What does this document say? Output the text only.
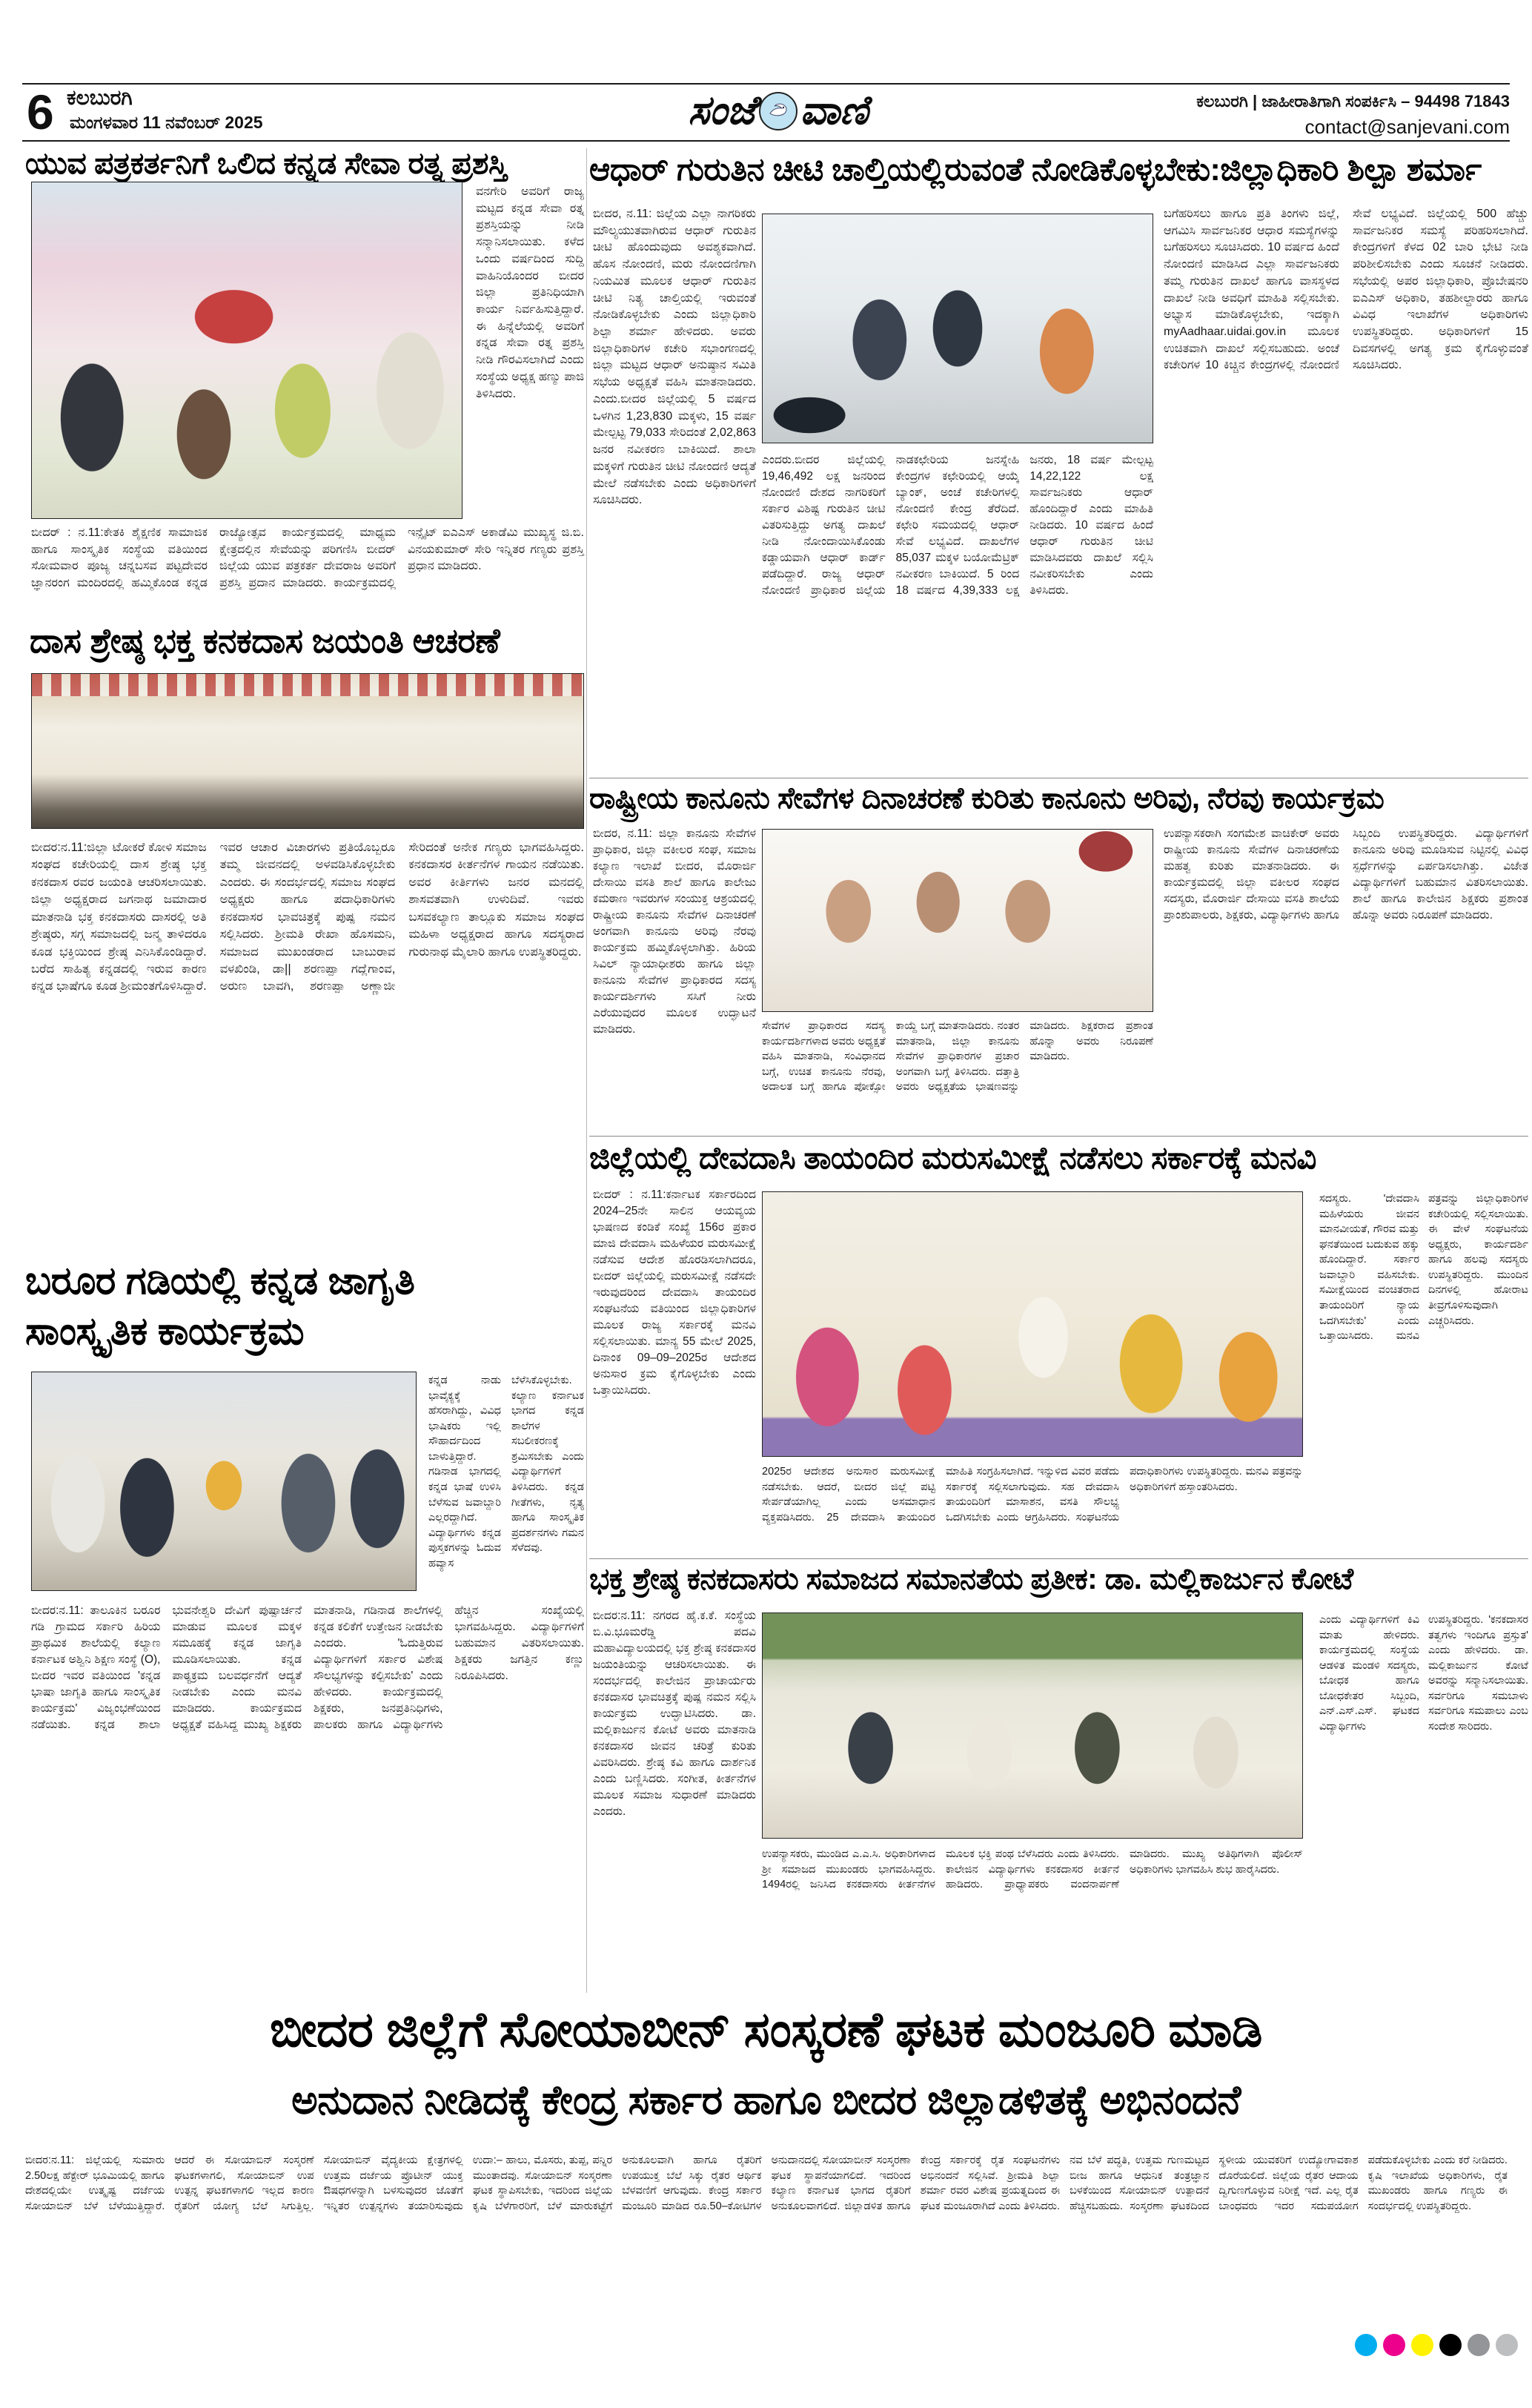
6 ಕಲಬುರಗಿ
ಮಂಗಳವಾರ 11 ನವೆಂಬರ್ 2025	ಸಂಜೆ ವಾಣಿ	ಕಲಬುರಗಿ | ಜಾಹೀರಾತಿಗಾಗಿ ಸಂಪರ್ಕಿಸಿ – 94498 71843
contact@sanjevani.com
ಯುವ ಪತ್ರಕರ್ತನಿಗೆ ಒಲಿದ ಕನ್ನಡ ಸೇವಾ ರತ್ನ ಪ್ರಶಸ್ತಿ
ವನಗೇರಿ ಅವರಿಗೆ ರಾಜ್ಯ ಮಟ್ಟದ ಕನ್ನಡ ಸೇವಾ ರತ್ನ ಪ್ರಶಸ್ತಿಯನ್ನು ನೀಡಿ ಸನ್ಮಾನಿಸಲಾಯಿತು. ಕಳೆದ ಒಂದು ವರ್ಷದಿಂದ ಸುದ್ದಿ ವಾಹಿನಿಯೊಂದರ ಬೀದರ ಜಿಲ್ಲಾ ಪ್ರತಿನಿಧಿಯಾಗಿ ಕಾರ್ಯ ನಿರ್ವಹಿಸುತ್ತಿದ್ದಾರೆ. ಈ ಹಿನ್ನೆಲೆಯಲ್ಲಿ ಅವರಿಗೆ ಕನ್ನಡ ಸೇವಾ ರತ್ನ ಪ್ರಶಸ್ತಿ ನೀಡಿ ಗೌರವಿಸಲಾಗಿದೆ ಎಂದು ಸಂಸ್ಥೆಯ ಅಧ್ಯಕ್ಷ ಹಣ್ಮು ಪಾಜಿ ತಿಳಿಸಿದರು.
ಬೀದರ್ : ನ.11:ಕೇತಕಿ ಶೈಕ್ಷಣಿಕ ಸಾಮಾಜಿಕ ಹಾಗೂ ಸಾಂಸ್ಕೃತಿಕ ಸಂಸ್ಥೆಯ ವತಿಯಿಂದ ಸೋಮವಾರ ಪೂಜ್ಯ ಚನ್ನಬಸವ ಪಟ್ಟದೇವರ ಜ್ಞಾನರಂಗ ಮಂದಿರದಲ್ಲಿ ಹಮ್ಮಿಕೊಂಡ ಕನ್ನಡ ರಾಜ್ಯೋತ್ಸವ ಕಾರ್ಯಕ್ರಮದಲ್ಲಿ ಮಾಧ್ಯಮ ಕ್ಷೇತ್ರದಲ್ಲಿನ ಸೇವೆಯನ್ನು ಪರಿಗಣಿಸಿ ಬೀದರ್ ಜಿಲ್ಲೆಯ ಯುವ ಪತ್ರಕರ್ತ ದೇವರಾಜ ಅವರಿಗೆ ಪ್ರಶಸ್ತಿ ಪ್ರದಾನ ಮಾಡಿದರು. ಕಾರ್ಯಕ್ರಮದಲ್ಲಿ ಇನ್ಸೈಟ್ ಐಎಎಸ್ ಅಕಾಡೆಮಿ ಮುಖ್ಯಸ್ಥ ಜಿ.ಬಿ. ವಿನಯಕುಮಾರ್ ಸೇರಿ ಇನ್ನಿತರ ಗಣ್ಯರು ಪ್ರಶಸ್ತಿ ಪ್ರಧಾನ ಮಾಡಿದರು.
ದಾಸ ಶ್ರೇಷ್ಠ ಭಕ್ತ ಕನಕದಾಸ ಜಯಂತಿ ಆಚರಣೆ
ಬೀದರ:ನ.11:ಜಿಲ್ಲಾ ಟೋಕರೆ ಕೋಳಿ ಸಮಾಜ ಸಂಘದ ಕಚೇರಿಯಲ್ಲಿ ದಾಸ ಶ್ರೇಷ್ಠ ಭಕ್ತ ಕನಕದಾಸ ರವರ ಜಯಂತಿ ಆಚರಿಸಲಾಯಿತು. ಜಿಲ್ಲಾ ಅಧ್ಯಕ್ಷರಾದ ಜಗನಾಥ ಜಮಾದಾರ ಮಾತನಾಡಿ ಭಕ್ತ ಕನಕದಾಸರು ದಾಸರಲ್ಲಿ ಅತಿ ಶ್ರೇಷ್ಠರು, ಸಗ್ಗ ಸಮಾಜದಲ್ಲಿ ಜನ್ಮ ತಾಳಿದರೂ ಕೂಡ ಭಕ್ತಿಯಿಂದ ಶ್ರೇಷ್ಠ ಎನಿಸಿಕೊಂಡಿದ್ದಾರೆ. ಬರೆದ ಸಾಹಿತ್ಯ ಕನ್ನಡದಲ್ಲಿ ಇರುವ ಕಾರಣ ಕನ್ನಡ ಭಾಷೆಗೂ ಕೂಡ ಶ್ರೀಮಂತಗೊಳಿಸಿದ್ದಾರೆ. ಇವರ ಆಚಾರ ವಿಚಾರಗಳು ಪ್ರತಿಯೊಬ್ಬರೂ ತಮ್ಮ ಜೀವನದಲ್ಲಿ ಅಳವಡಿಸಿಕೊಳ್ಳಬೇಕು ಎಂದರು. ಈ ಸಂದರ್ಭದಲ್ಲಿ ಸಮಾಜ ಸಂಘದ ಅಧ್ಯಕ್ಷರು ಹಾಗೂ ಪದಾಧಿಕಾರಿಗಳು ಕನಕದಾಸರ ಭಾವಚಿತ್ರಕ್ಕೆ ಪುಷ್ಪ ನಮನ ಸಲ್ಲಿಸಿದರು. ಶ್ರೀಮತಿ ರೇಖಾ ಹೊಸಮನಿ, ಸಮಾಜದ ಮುಖಂಡರಾದ ಬಾಬುರಾವ ವಳಖಿಂಡಿ, ಡಾ|| ಶರಣಪ್ಪಾ ಗದ್ಲೆಗಾಂವ, ಅರುಣ ಬಾವಗಿ, ಶರಣಪ್ಪಾ ಅಣ್ಣಾಜೀ ಸೇರಿದಂತೆ ಅನೇಕ ಗಣ್ಯರು ಭಾಗವಹಿಸಿದ್ದರು. ಕನಕದಾಸರ ಕೀರ್ತನೆಗಳ ಗಾಯನ ನಡೆಯಿತು. ಅವರ ಕೀರ್ತಿಗಳು ಜನರ ಮನದಲ್ಲಿ ಶಾಸವತವಾಗಿ ಉಳುದಿವೆ. ಇವರು ಬಸವಕಲ್ಯಾಣ ತಾಲ್ಲೂಕು ಸಮಾಜ ಸಂಘದ ಮಹಿಳಾ ಅಧ್ಯಕ್ಷರಾದ ಹಾಗೂ ಸದಸ್ಯರಾದ ಗುರುನಾಥ ಮೈಲಾರಿ ಹಾಗೂ ಉಪಸ್ಥಿತರಿದ್ದರು.
ಬರೂರ ಗಡಿಯಲ್ಲಿ ಕನ್ನಡ ಜಾಗೃತಿ
ಸಾಂಸ್ಕೃತಿಕ ಕಾರ್ಯಕ್ರಮ
ಕನ್ನಡ ನಾಡು ಭಾವೈಕ್ಯಕ್ಕೆ ಹೆಸರಾಗಿದ್ದು, ವಿವಿಧ ಭಾಷಿಕರು ಇಲ್ಲಿ ಸೌಹಾರ್ದದಿಂದ ಬಾಳುತ್ತಿದ್ದಾರೆ. ಗಡಿನಾಡ ಭಾಗದಲ್ಲಿ ಕನ್ನಡ ಭಾಷೆ ಉಳಿಸಿ ಬೆಳೆಸುವ ಜವಾಬ್ದಾರಿ ಎಲ್ಲರದ್ದಾಗಿದೆ. ವಿದ್ಯಾರ್ಥಿಗಳು ಕನ್ನಡ ಪುಸ್ತಕಗಳನ್ನು ಓದುವ ಹವ್ಯಾಸ ಬೆಳೆಸಿಕೊಳ್ಳಬೇಕು. ಕಲ್ಯಾಣ ಕರ್ನಾಟಕ ಭಾಗದ ಕನ್ನಡ ಶಾಲೆಗಳ ಸಬಲೀಕರಣಕ್ಕೆ ಶ್ರಮಿಸಬೇಕು ಎಂದು ವಿದ್ಯಾರ್ಥಿಗಳಿಗೆ ತಿಳಿಸಿದರು. ಕನ್ನಡ ಗೀತೆಗಳು, ನೃತ್ಯ ಹಾಗೂ ಸಾಂಸ್ಕೃತಿಕ ಪ್ರದರ್ಶನಗಳು ಗಮನ ಸೆಳೆದವು.
ಬೀದರ:ನ.11: ತಾಲೂಕಿನ ಬರೂರ ಗಡಿ ಗ್ರಾಮದ ಸರ್ಕಾರಿ ಹಿರಿಯ ಪ್ರಾಥಮಿಕ ಶಾಲೆಯಲ್ಲಿ ಕಲ್ಯಾಣ ಕರ್ನಾಟಕ ಅಶ್ವಿನಿ ಶಿಕ್ಷಣ ಸಂಸ್ಥೆ (O), ಬೀದರ ಇವರ ವತಿಯಿಂದ 'ಕನ್ನಡ ಭಾಷಾ ಜಾಗೃತಿ ಹಾಗೂ ಸಾಂಸ್ಕೃತಿಕ ಕಾರ್ಯಕ್ರಮ' ವಿಜೃಂಭಣೆಯಿಂದ ನಡೆಯಿತು. ಕನ್ನಡ ಶಾಲಾ ಭುವನೇಶ್ವರಿ ದೇವಿಗೆ ಪುಷ್ಪಾರ್ಚನೆ ಮಾಡುವ ಮೂಲಕ ಮಕ್ಕಳ ಸಮೂಹಕ್ಕೆ ಕನ್ನಡ ಜಾಗೃತಿ ಮೂಡಿಸಲಾಯಿತು. ಕನ್ನಡ ಪಾಠ್ಯಕ್ರಮ ಬಲವರ್ಧನೆಗೆ ಆದ್ಯತೆ ನೀಡಬೇಕು ಎಂದು ಮನವಿ ಮಾಡಿದರು. ಕಾರ್ಯಕ್ರಮದ ಅಧ್ಯಕ್ಷತೆ ವಹಿಸಿದ್ದ ಮುಖ್ಯ ಶಿಕ್ಷಕರು ಮಾತನಾಡಿ, ಗಡಿನಾಡ ಶಾಲೆಗಳಲ್ಲಿ ಕನ್ನಡ ಕಲಿಕೆಗೆ ಉತ್ತೇಜನ ನೀಡಬೇಕು ಎಂದರು. 'ಓದುತ್ತಿರುವ ವಿದ್ಯಾರ್ಥಿಗಳಿಗೆ ಸರ್ಕಾರ ವಿಶೇಷ ಸೌಲಭ್ಯಗಳನ್ನು ಕಲ್ಪಿಸಬೇಕು' ಎಂದು ಹೇಳಿದರು. ಕಾರ್ಯಕ್ರಮದಲ್ಲಿ ಶಿಕ್ಷಕರು, ಜನಪ್ರತಿನಿಧಿಗಳು, ಪಾಲಕರು ಹಾಗೂ ವಿದ್ಯಾರ್ಥಿಗಳು ಹೆಚ್ಚಿನ ಸಂಖ್ಯೆಯಲ್ಲಿ ಭಾಗವಹಿಸಿದ್ದರು. ವಿದ್ಯಾರ್ಥಿಗಳಿಗೆ ಬಹುಮಾನ ವಿತರಿಸಲಾಯಿತು. ಶಿಕ್ಷಕರು ಜಗತ್ತಿನ ಕಣ್ಣು ನಿರೂಪಿಸಿದರು.
ಆಧಾರ್ ಗುರುತಿನ ಚೀಟಿ ಚಾಲ್ತಿಯಲ್ಲಿರುವಂತೆ ನೋಡಿಕೊಳ್ಳಬೇಕು:ಜಿಲ್ಲಾಧಿಕಾರಿ ಶಿಲ್ಪಾ ಶರ್ಮಾ
ಬೀದರ, ನ.11: ಜಿಲ್ಲೆಯ ಎಲ್ಲಾ ನಾಗರಿಕರು ಮೌಲ್ಯಯುತವಾಗಿರುವ ಆಧಾರ್ ಗುರುತಿನ ಚೀಟಿ ಹೊಂದುವುದು ಅವಶ್ಯಕವಾಗಿದೆ. ಹೊಸ ನೋಂದಣಿ, ಮರು ನೋಂದಣಿಗಾಗಿ ನಿಯಮಿತ ಮೂಲಕ ಆಧಾರ್ ಗುರುತಿನ ಚೀಟಿ ನಿತ್ಯ ಚಾಲ್ತಿಯಲ್ಲಿ ಇರುವಂತೆ ನೋಡಿಕೊಳ್ಳಬೇಕು ಎಂದು ಜಿಲ್ಲಾಧಿಕಾರಿ ಶಿಲ್ಪಾ ಶರ್ಮಾ ಹೇಳಿದರು. ಅವರು ಜಿಲ್ಲಾಧಿಕಾರಿಗಳ ಕಚೇರಿ ಸಭಾಂಗಣದಲ್ಲಿ ಜಿಲ್ಲಾ ಮಟ್ಟದ ಆಧಾರ್ ಅನುಷ್ಠಾನ ಸಮಿತಿ ಸಭೆಯ ಅಧ್ಯಕ್ಷತೆ ವಹಿಸಿ ಮಾತನಾಡಿದರು. ಎಂದು.ಬೀದರ ಜಿಲ್ಲೆಯಲ್ಲಿ 5 ವರ್ಷದ ಒಳಗಿನ 1,23,830 ಮಕ್ಕಳು, 15 ವರ್ಷ ಮೇಲ್ಪಟ್ಟ 79,033 ಸೇರಿದಂತೆ 2,02,863 ಜನರ ನವೀಕರಣ ಬಾಕಿಯಿದೆ. ಶಾಲಾ ಮಕ್ಕಳಿಗೆ ಗುರುತಿನ ಚೀಟಿ ನೋಂದಣಿ ಆದ್ಯತೆ ಮೇಲೆ ನಡೆಸಬೇಕು ಎಂದು ಅಧಿಕಾರಿಗಳಿಗೆ ಸೂಚಿಸಿದರು.
ಎಂದರು.ಬೀದರ ಜಿಲ್ಲೆಯಲ್ಲಿ 19,46,492 ಲಕ್ಷ ಜನರಿಂದ ನೋಂದಣಿ ದೇಶದ ನಾಗರಿಕರಿಗೆ ಸರ್ಕಾರ ವಿಶಿಷ್ಟ ಗುರುತಿನ ಚೀಟಿ ವಿತರಿಸುತ್ತಿದ್ದು ಅಗತ್ಯ ದಾಖಲೆ ನೀಡಿ ನೋಂದಾಯಿಸಿಕೊಂಡು ಕಡ್ಡಾಯವಾಗಿ ಆಧಾರ್ ಕಾರ್ಡ್ ಪಡೆದಿದ್ದಾರೆ. ರಾಜ್ಯ ಆಧಾರ್ ನೋಂದಣಿ ಪ್ರಾಧಿಕಾರ ಜಿಲ್ಲೆಯ ನಾಡಕಛೇರಿಯ ಜನಸ್ನೇಹಿ ಕೇಂದ್ರಗಳ ಕಛೇರಿಯಲ್ಲಿ ಆಯ್ಕೆ ಬ್ಯಾಂಕ್, ಅಂಚೆ ಕಚೇರಿಗಳಲ್ಲಿ ನೋಂದಣಿ ಕೇಂದ್ರ ತೆರೆದಿದೆ. ಕಛೇರಿ ಸಮಯದಲ್ಲಿ ಆಧಾರ್ ಸೇವೆ ಲಭ್ಯವಿದೆ. ದಾಖಲೆಗಳ 85,037 ಮಕ್ಕಳ ಬಯೋಮೆಟ್ರಿಕ್ ನವೀಕರಣ ಬಾಕಿಯಿದೆ. 5 ರಿಂದ 18 ವರ್ಷದ 4,39,333 ಲಕ್ಷ ಜನರು, 18 ವರ್ಷ ಮೇಲ್ಪಟ್ಟ 14,22,122 ಲಕ್ಷ ಸಾರ್ವಜನಿಕರು ಆಧಾರ್ ಹೊಂದಿದ್ದಾರೆ ಎಂದು ಮಾಹಿತಿ ನೀಡಿದರು. 10 ವರ್ಷದ ಹಿಂದೆ ಆಧಾರ್ ಗುರುತಿನ ಚೀಟಿ ಮಾಡಿಸಿದವರು ದಾಖಲೆ ಸಲ್ಲಿಸಿ ನವೀಕರಿಸಬೇಕು ಎಂದು ತಿಳಿಸಿದರು.
ಬಗೆಹರಿಸಲು ಹಾಗೂ ಪ್ರತಿ ತಿಂಗಳು ಜಿಲ್ಲೆ, ಆಗಮಿಸಿ ಸಾರ್ವಜನಿಕರ ಆಧಾರ ಸಮಸ್ಯೆಗಳನ್ನು ಬಗೆಹರಿಸಲು ಸೂಚಿಸಿದರು. 10 ವರ್ಷದ ಹಿಂದೆ ನೋಂದಣಿ ಮಾಡಿಸಿದ ಎಲ್ಲಾ ಸಾರ್ವಜನಿಕರು ತಮ್ಮ ಗುರುತಿನ ದಾಖಲೆ ಹಾಗೂ ವಾಸಸ್ಥಳದ ದಾಖಲೆ ನೀಡಿ ಅವಧಿಗೆ ಮಾಹಿತಿ ಸಲ್ಲಿಸಬೇಕು. ಅಭ್ಯಾಸ ಮಾಡಿಕೊಳ್ಳಬೇಕು, ಇದಕ್ಕಾಗಿ myAadhaar.uidai.gov.in ಮೂಲಕ ಉಚಿತವಾಗಿ ದಾಖಲೆ ಸಲ್ಲಿಸಬಹುದು. ಅಂಚೆ ಕಚೇರಿಗಳ 10 ಕಿಚ್ಚಿನ ಕೇಂದ್ರಗಳಲ್ಲಿ ನೋಂದಣಿ ಸೇವೆ ಲಭ್ಯವಿದೆ. ಜಿಲ್ಲೆಯಲ್ಲಿ 500 ಹೆಚ್ಚು ಸಾರ್ವಜನಿಕರ ಸಮಸ್ಯೆ ಪರಿಹರಿಸಲಾಗಿದೆ. ಕೇಂದ್ರಗಳಿಗೆ ಕೆಳದ 02 ಬಾರಿ ಭೇಟಿ ನೀಡಿ ಪರಿಶೀಲಿಸಬೇಕು ಎಂದು ಸೂಚನೆ ನೀಡಿದರು. ಸಭೆಯಲ್ಲಿ ಅಪರ ಜಿಲ್ಲಾಧಿಕಾರಿ, ಪ್ರೊಬೇಷನರಿ ಐಎಎಸ್ ಅಧಿಕಾರಿ, ತಹಶೀಲ್ದಾರರು ಹಾಗೂ ವಿವಿಧ ಇಲಾಖೆಗಳ ಅಧಿಕಾರಿಗಳು ಉಪಸ್ಥಿತರಿದ್ದರು. ಅಧಿಕಾರಿಗಳಿಗೆ 15 ದಿವಸಗಳಲ್ಲಿ ಅಗತ್ಯ ಕ್ರಮ ಕೈಗೊಳ್ಳುವಂತೆ ಸೂಚಿಸಿದರು.
ರಾಷ್ಟ್ರೀಯ ಕಾನೂನು ಸೇವೆಗಳ ದಿನಾಚರಣೆ ಕುರಿತು ಕಾನೂನು ಅರಿವು, ನೆರವು ಕಾರ್ಯಕ್ರಮ
ಬೀದರ, ನ.11: ಜಿಲ್ಲಾ ಕಾನೂನು ಸೇವೆಗಳ ಪ್ರಾಧಿಕಾರ, ಜಿಲ್ಲಾ ವಕೀಲರ ಸಂಘ, ಸಮಾಜ ಕಲ್ಯಾಣ ಇಲಾಖೆ ಬೀದರ, ಮೊರಾರ್ಜಿ ದೇಸಾಯಿ ವಸತಿ ಶಾಲೆ ಹಾಗೂ ಕಾಲೇಜು ಕಮಠಾಣ ಇವರುಗಳ ಸಂಯುಕ್ತ ಆಶ್ರಯದಲ್ಲಿ ರಾಷ್ಟ್ರೀಯ ಕಾನೂನು ಸೇವೆಗಳ ದಿನಾಚರಣೆ ಅಂಗವಾಗಿ ಕಾನೂನು ಅರಿವು ನೆರವು ಕಾರ್ಯಕ್ರಮ ಹಮ್ಮಿಕೊಳ್ಳಲಾಗಿತ್ತು. ಹಿರಿಯ ಸಿವಿಲ್ ನ್ಯಾಯಾಧೀಶರು ಹಾಗೂ ಜಿಲ್ಲಾ ಕಾನೂನು ಸೇವೆಗಳ ಪ್ರಾಧಿಕಾರದ ಸದಸ್ಯ ಕಾರ್ಯದರ್ಶಿಗಳು ಸಸಿಗೆ ನೀರು ಎರೆಯುವುದರ ಮೂಲಕ ಉದ್ಘಾಟನೆ ಮಾಡಿದರು.	ಸೇವೆಗಳ ಪ್ರಾಧಿಕಾರದ ಸದಸ್ಯ ಕಾರ್ಯದರ್ಶಿಗಳಾದ ಅವರು ಅಧ್ಯಕ್ಷತೆ ವಹಿಸಿ ಮಾತನಾಡಿ, ಸಂವಿಧಾನದ ಬಗ್ಗೆ, ಉಚಿತ ಕಾನೂನು ನೆರವು, ಅದಾಲತ ಬಗ್ಗೆ ಹಾಗೂ ಪೋಕ್ಸೋ ಕಾಯ್ದೆ ಬಗ್ಗೆ ಮಾತನಾಡಿದರು. ನಂತರ ಮಾತನಾಡಿ, ಜಿಲ್ಲಾ ಕಾನೂನು ಸೇವೆಗಳ ಪ್ರಾಧಿಕಾರಗಳ ಪ್ರಚಾರ ಅಂಗವಾಗಿ ಬಗ್ಗೆ ತಿಳಿಸಿದರು. ದತ್ತಾತ್ರಿ ಅವರು ಅಧ್ಯಕ್ಷತೆಯ ಭಾಷಣವನ್ನು ಮಾಡಿದರು. ಶಿಕ್ಷಕರಾದ ಪ್ರಶಾಂತ ಹೊನ್ನಾ ಅವರು ನಿರೂಪಣೆ ಮಾಡಿದರು.
ಉಪನ್ಯಾಸಕರಾಗಿ ಸಂಗಮೇಶ ವಾಚಿಕೇರ್ ಅವರು ರಾಷ್ಟ್ರೀಯ ಕಾನೂನು ಸೇವೆಗಳ ದಿನಾಚರಣೆಯ ಮಹತ್ವ ಕುರಿತು ಮಾತನಾಡಿದರು. ಈ ಕಾರ್ಯಕ್ರಮದಲ್ಲಿ ಜಿಲ್ಲಾ ವಕೀಲರ ಸಂಘದ ಸದಸ್ಯರು, ಮೊರಾರ್ಜಿ ದೇಸಾಯಿ ವಸತಿ ಶಾಲೆಯ ಪ್ರಾಂಶುಪಾಲರು, ಶಿಕ್ಷಕರು, ವಿದ್ಯಾರ್ಥಿಗಳು ಹಾಗೂ ಸಿಬ್ಬಂದಿ ಉಪಸ್ಥಿತರಿದ್ದರು. ವಿದ್ಯಾರ್ಥಿಗಳಿಗೆ ಕಾನೂನು ಅರಿವು ಮೂಡಿಸುವ ನಿಟ್ಟಿನಲ್ಲಿ ವಿವಿಧ ಸ್ಪರ್ಧೆಗಳನ್ನು ಏರ್ಪಡಿಸಲಾಗಿತ್ತು. ವಿಜೇತ ವಿದ್ಯಾರ್ಥಿಗಳಿಗೆ ಬಹುಮಾನ ವಿತರಿಸಲಾಯಿತು. ಶಾಲೆ ಹಾಗೂ ಕಾಲೇಜಿನ ಶಿಕ್ಷಕರು ಪ್ರಶಾಂತ ಹೊನ್ನಾ ಅವರು ನಿರೂಪಣೆ ಮಾಡಿದರು.
ಜಿಲ್ಲೆಯಲ್ಲಿ ದೇವದಾಸಿ ತಾಯಂದಿರ ಮರುಸಮೀಕ್ಷೆ ನಡೆಸಲು ಸರ್ಕಾರಕ್ಕೆ ಮನವಿ
ಬೀದರ್ : ನ.11:ಕರ್ನಾಟಕ ಸರ್ಕಾರದಿಂದ 2024–25ನೇ ಸಾಲಿನ ಆಯವ್ಯಯ ಭಾಷಣದ ಕಂಡಿಕೆ ಸಂಖ್ಯೆ 156ರ ಪ್ರಕಾರ ಮಾಜಿ ದೇವದಾಸಿ ಮಹಿಳೆಯರ ಮರುಸಮೀಕ್ಷೆ ನಡೆಸುವ ಆದೇಶ ಹೊರಡಿಸಲಾಗಿದರೂ, ಬೀದರ್ ಜಿಲ್ಲೆಯಲ್ಲಿ ಮರುಸಮೀಕ್ಷೆ ನಡೆಸದೇ ಇರುವುದರಿಂದ ದೇವದಾಸಿ ತಾಯಂದಿರ ಸಂಘಟನೆಯ ವತಿಯಿಂದ ಜಿಲ್ಲಾಧಿಕಾರಿಗಳ ಮೂಲಕ ರಾಜ್ಯ ಸರ್ಕಾರಕ್ಕೆ ಮನವಿ ಸಲ್ಲಿಸಲಾಯಿತು. ಮಾನ್ಯ 55 ಮೇಲೆ 2025, ದಿನಾಂಕ 09–09–2025ರ ಆದೇಶದ ಅನುಸಾರ ಕ್ರಮ ಕೈಗೊಳ್ಳಬೇಕು ಎಂದು ಒತ್ತಾಯಿಸಿದರು.
ಸದಸ್ಯರು. 'ದೇವದಾಸಿ ಮಹಿಳೆಯರು ಜೀವನ ಮಾನವೀಯತೆ, ಗೌರವ ಮತ್ತು ಘನತೆಯಿಂದ ಬದುಕುವ ಹಕ್ಕು ಹೊಂದಿದ್ದಾರೆ. ಸರ್ಕಾರ ಜವಾಬ್ದಾರಿ ವಹಿಸಬೇಕು. ಸಮೀಕ್ಷೆಯಿಂದ ವಂಚಿತರಾದ ತಾಯಂದಿರಿಗೆ ನ್ಯಾಯ ಒದಗಿಸಬೇಕು' ಎಂದು ಒತ್ತಾಯಿಸಿದರು. ಮನವಿ ಪತ್ರವನ್ನು ಜಿಲ್ಲಾಧಿಕಾರಿಗಳ ಕಚೇರಿಯಲ್ಲಿ ಸಲ್ಲಿಸಲಾಯಿತು. ಈ ವೇಳೆ ಸಂಘಟನೆಯ ಅಧ್ಯಕ್ಷರು, ಕಾರ್ಯದರ್ಶಿ ಹಾಗೂ ಹಲವು ಸದಸ್ಯರು ಉಪಸ್ಥಿತರಿದ್ದರು. ಮುಂದಿನ ದಿನಗಳಲ್ಲಿ ಹೋರಾಟ ತೀವ್ರಗೊಳಿಸುವುದಾಗಿ ಎಚ್ಚರಿಸಿದರು.
2025ರ ಆದೇಶದ ಅನುಸಾರ ಮರುಸಮೀಕ್ಷೆ ನಡೆಸಬೇಕು. ಆದರೆ, ಬೀದರ ಜಿಲ್ಲೆ ಪಟ್ಟಿ ಸೇರ್ಪಡೆಯಾಗಿಲ್ಲ ಎಂದು ಅಸಮಾಧಾನ ವ್ಯಕ್ತಪಡಿಸಿದರು. 25 ದೇವದಾಸಿ ತಾಯಂದಿರ ಮಾಹಿತಿ ಸಂಗ್ರಹಿಸಲಾಗಿದೆ. ಇನ್ನುಳಿದ ವಿವರ ಪಡೆದು ಸರ್ಕಾರಕ್ಕೆ ಸಲ್ಲಿಸಲಾಗುವುದು. ಸಹ ದೇವದಾಸಿ ತಾಯಂದಿರಿಗೆ ಮಾಸಾಶನ, ವಸತಿ ಸೌಲಭ್ಯ ಒದಗಿಸಬೇಕು ಎಂದು ಆಗ್ರಹಿಸಿದರು. ಸಂಘಟನೆಯ ಪದಾಧಿಕಾರಿಗಳು ಉಪಸ್ಥಿತರಿದ್ದರು. ಮನವಿ ಪತ್ರವನ್ನು ಅಧಿಕಾರಿಗಳಿಗೆ ಹಸ್ತಾಂತರಿಸಿದರು.
ಭಕ್ತ ಶ್ರೇಷ್ಠ ಕನಕದಾಸರು ಸಮಾಜದ ಸಮಾನತೆಯ ಪ್ರತೀಕ: ಡಾ. ಮಲ್ಲಿಕಾರ್ಜುನ ಕೋಟೆ
ಬೀದರ:ನ.11: ನಗರದ ಹೈ.ಕ.ಕೆ. ಸಂಸ್ಥೆಯ ಬಿ.ವಿ.ಭೂಮರೆಡ್ಡಿ ಪದವಿ ಮಹಾವಿದ್ಯಾಲಯದಲ್ಲಿ ಭಕ್ತ ಶ್ರೇಷ್ಠ ಕನಕದಾಸರ ಜಯಂತಿಯನ್ನು ಆಚರಿಸಲಾಯಿತು. ಈ ಸಂದರ್ಭದಲ್ಲಿ ಕಾಲೇಜಿನ ಪ್ರಾಚಾರ್ಯರು ಕನಕದಾಸರ ಭಾವಚಿತ್ರಕ್ಕೆ ಪುಷ್ಪ ನಮನ ಸಲ್ಲಿಸಿ ಕಾರ್ಯಕ್ರಮ ಉದ್ಘಾಟಿಸಿದರು. ಡಾ. ಮಲ್ಲಿಕಾರ್ಜುನ ಕೋಟೆ ಅವರು ಮಾತನಾಡಿ ಕನಕದಾಸರ ಜೀವನ ಚರಿತ್ರೆ ಕುರಿತು ವಿವರಿಸಿದರು. ಶ್ರೇಷ್ಠ ಕವಿ ಹಾಗೂ ದಾರ್ಶನಿಕ ಎಂದು ಬಣ್ಣಿಸಿದರು. ಸಂಗೀತ, ಕೀರ್ತನೆಗಳ ಮೂಲಕ ಸಮಾಜ ಸುಧಾರಣೆ ಮಾಡಿದರು ಎಂದರು.
ಎಂದು ವಿದ್ಯಾರ್ಥಿಗಳಿಗೆ ಕಿವಿ ಮಾತು ಹೇಳಿದರು. ಕಾರ್ಯಕ್ರಮದಲ್ಲಿ ಸಂಸ್ಥೆಯ ಆಡಳಿತ ಮಂಡಳಿ ಸದಸ್ಯರು, ಬೋಧಕ ಹಾಗೂ ಬೋಧಕೇತರ ಸಿಬ್ಬಂದಿ, ಎನ್.ಎಸ್.ಎಸ್. ಘಟಕದ ವಿದ್ಯಾರ್ಥಿಗಳು ಉಪಸ್ಥಿತರಿದ್ದರು. 'ಕನಕದಾಸರ ತತ್ವಗಳು ಇಂದಿಗೂ ಪ್ರಸ್ತುತ' ಎಂದು ಹೇಳಿದರು. ಡಾ. ಮಲ್ಲಿಕಾರ್ಜುನ ಕೋಟೆ ಅವರನ್ನು ಸನ್ಮಾನಿಸಲಾಯಿತು. ಸರ್ವರಿಗೂ ಸಮಬಾಳು ಸರ್ವರಿಗೂ ಸಮಪಾಲು ಎಂಬ ಸಂದೇಶ ಸಾರಿದರು.
ಉಪನ್ಯಾಸಕರು, ಮುಂಡಿದ ಎ.ಎ.ಸಿ. ಅಧಿಕಾರಿಗಳಾದ ಶ್ರೀ ಸಮಾಜದ ಮುಖಂಡರು ಭಾಗವಹಿಸಿದ್ದರು. 1494ರಲ್ಲಿ ಜನಿಸಿದ ಕನಕದಾಸರು ಕೀರ್ತನೆಗಳ ಮೂಲಕ ಭಕ್ತಿ ಪಂಥ ಬೆಳೆಸಿದರು ಎಂದು ತಿಳಿಸಿದರು. ಕಾಲೇಜಿನ ವಿದ್ಯಾರ್ಥಿಗಳು ಕನಕದಾಸರ ಕೀರ್ತನೆ ಹಾಡಿದರು. ಪ್ರಾಧ್ಯಾಪಕರು ವಂದನಾರ್ಪಣೆ ಮಾಡಿದರು. ಮುಖ್ಯ ಅತಿಥಿಗಳಾಗಿ ಪೊಲೀಸ್ ಅಧಿಕಾರಿಗಳು ಭಾಗವಹಿಸಿ ಶುಭ ಹಾರೈಸಿದರು.
ಬೀದರ ಜಿಲ್ಲೆಗೆ ಸೋಯಾಬೀನ್ ಸಂಸ್ಕರಣೆ ಘಟಕ ಮಂಜೂರಿ ಮಾಡಿ
ಅನುದಾನ ನೀಡಿದಕ್ಕೆ ಕೇಂದ್ರ ಸರ್ಕಾರ ಹಾಗೂ ಬೀದರ ಜಿಲ್ಲಾಡಳಿತಕ್ಕೆ ಅಭಿನಂದನೆ
ಬೀದರ:ನ.11: ಜಿಲ್ಲೆಯಲ್ಲಿ ಸುಮಾರು 2.50ಲಕ್ಷ ಹೆಕ್ಟೇರ್ ಭೂಮಿಯಲ್ಲಿ ಹಾಗೂ ದೇಶದಲ್ಲಿಯೇ ಉತ್ಕೃಷ್ಟ ದರ್ಜೆಯ ಸೋಯಾಬಿನ್ ಬೆಳೆ ಬೆಳೆಯುತ್ತಿದ್ದಾರೆ. ಆದರೆ ಈ ಸೋಯಾಬಿನ್ ಸಂಸ್ಕರಣೆ ಘಟಕಗಳಾಗಲಿ, ಸೋಯಾಬಿನ್ ಉಪ ಉತ್ಪನ್ನ ಘಟಕಗಳಾಗಲಿ ಇಲ್ಲದ ಕಾರಣ ರೈತರಿಗೆ ಯೋಗ್ಯ ಬೆಲೆ ಸಿಗುತ್ತಿಲ್ಲ. ಸೋಯಾಬಿನ್ ವೈದ್ಯಕೀಯ ಕ್ಷೇತ್ರಗಳಲ್ಲಿ ಉತ್ತಮ ದರ್ಜೆಯ ಪ್ರೊಟೀನ್ ಯುಕ್ತ ಔಷಧಗಳನ್ನಾಗಿ ಬಳಸುವುದರ ಜೊತೆಗೆ ಇನ್ನಿತರ ಉತ್ಪನ್ನಗಳು ತಯಾರಿಸುವುದು ಉದಾ:– ಹಾಲು, ಮೊಸರು, ತುಪ್ಪ, ಪನ್ನಿರ ಮುಂತಾದವು. ಸೋಯಾಬಿನ್ ಸಂಸ್ಕರಣಾ ಘಟಕ ಸ್ಥಾಪಿಸಬೇಕು, ಇದರಿಂದ ಜಿಲ್ಲೆಯ ಕೃಷಿ ಬೆಳೆಗಾರರಿಗೆ, ಬೆಳೆ ಮಾರುಕಟ್ಟೆಗೆ ಅನುಕೂಲವಾಗಿ ಹಾಗೂ ರೈತರಿಗೆ ಉಪಯುಕ್ತ ಬೆಲೆ ಸಿಕ್ಕು ರೈತರ ಆರ್ಥಿಕ ಬೆಳವಣಿಗೆ ಆಗುವುದು. ಕೇಂದ್ರ ಸರ್ಕಾರ ಮಂಜೂರಿ ಮಾಡಿದ ರೂ.50–ಕೋಟಿಗಳ ಅನುದಾನದಲ್ಲಿ ಸೋಯಾಬೀನ್ ಸಂಸ್ಕರಣಾ ಘಟಕ ಸ್ಥಾಪನೆಯಾಗಲಿದೆ. ಇದರಿಂದ ಕಲ್ಯಾಣ ಕರ್ನಾಟಕ ಭಾಗದ ರೈತರಿಗೆ ಅನುಕೂಲವಾಗಲಿದೆ. ಜಿಲ್ಲಾಡಳಿತ ಹಾಗೂ ಕೇಂದ್ರ ಸರ್ಕಾರಕ್ಕೆ ರೈತ ಸಂಘಟನೆಗಳು ಅಭಿನಂದನೆ ಸಲ್ಲಿಸಿವೆ. ಶ್ರೀಮತಿ ಶಿಲ್ಪಾ ಶರ್ಮಾ ರವರ ವಿಶೇಷ ಪ್ರಯತ್ನದಿಂದ ಈ ಘಟಕ ಮಂಜೂರಾಗಿದೆ ಎಂದು ತಿಳಿಸಿದರು. ನವ ಬೆಳೆ ಪದ್ಧತಿ, ಉತ್ತಮ ಗುಣಮಟ್ಟದ ಬೀಜ ಹಾಗೂ ಆಧುನಿಕ ತಂತ್ರಜ್ಞಾನ ಬಳಕೆಯಿಂದ ಸೋಯಾಬಿನ್ ಉತ್ಪಾದನೆ ಹೆಚ್ಚಿಸಬಹುದು. ಸಂಸ್ಕರಣಾ ಘಟಕದಿಂದ ಸ್ಥಳೀಯ ಯುವಕರಿಗೆ ಉದ್ಯೋಗಾವಕಾಶ ದೊರೆಯಲಿದೆ. ಜಿಲ್ಲೆಯ ರೈತರ ಆದಾಯ ದ್ವಿಗುಣಗೊಳ್ಳುವ ನಿರೀಕ್ಷೆ ಇದೆ. ಎಲ್ಲ ರೈತ ಬಾಂಧವರು ಇದರ ಸದುಪಯೋಗ ಪಡೆದುಕೊಳ್ಳಬೇಕು ಎಂದು ಕರೆ ನೀಡಿದರು. ಕೃಷಿ ಇಲಾಖೆಯ ಅಧಿಕಾರಿಗಳು, ರೈತ ಮುಖಂಡರು ಹಾಗೂ ಗಣ್ಯರು ಈ ಸಂದರ್ಭದಲ್ಲಿ ಉಪಸ್ಥಿತರಿದ್ದರು.
